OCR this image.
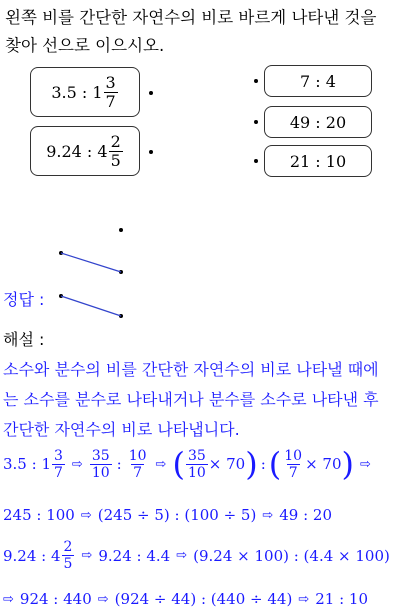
왼쪽 비를 간단한 자연수의 비로 바르게 나타낸 것을
찾아 선으로 이으시오.
3.5 : $1 \frac{3}{7}$
9.24 : $4 \frac{2}{5}$
7 : 4
49 : 20
21 : 10
정답 :
해설 :
소수와 분수의 비를 간단한 자연수의 비로 나타낼 때에
는 소수를 분수로 나타내거나 분수를 소수로 나타낸 후
간단한 자연수의 비로 나타냅니다.
3.5 : $1 \frac{3}{7}$ ⇨ $\frac{35}{10}$ : $\frac{10}{7}$ ⇨ ( $\frac{35}{10} \times 70$ ) : ( $\frac{10}{7} \times 70$ ) ⇨
245 : 100 ⇨ (245 ÷ 5) : (100 ÷ 5) ⇨ 49 : 20
9.24 : $4 \frac{2}{5}$ ⇨ 9.24 : 4.4 ⇨ (9.24 × 100) : (4.4 × 100)
⇨ 924 : 440 ⇨ (924 ÷ 44) : (440 ÷ 44) ⇨ 21 : 10
